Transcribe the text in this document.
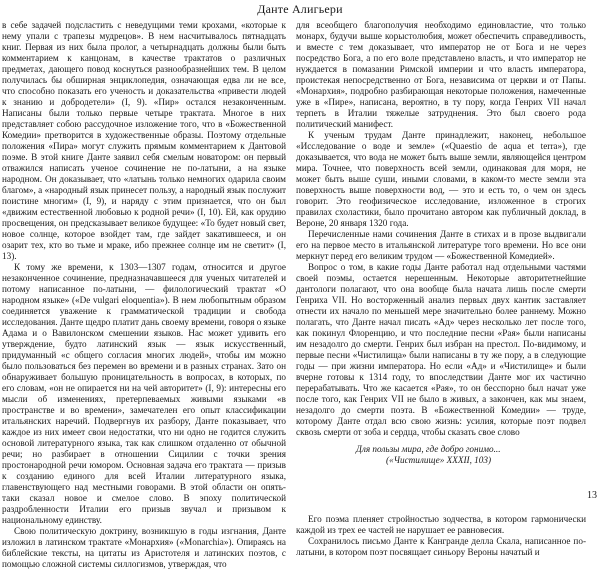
Данте Алигьери

в себе задачей подсластить с неведущими теми крохами, «которые к нему упали с трапезы мудрецов». В нем насчитывалось пятнадцать книг. Первая из них была пролог, а четырнадцать должны были быть комментарием к канцонам, в качестве трактатов о различных предметах, дающего повод коснуться разнообразнейших тем. В целом получилась бы обширная энциклопедия, означающая едва ли не все, что способно показать его ученость и доказательства «привести людей к знанию и добродетели» (I, 9). «Пир» остался незаконченным. Написаны были только первые четыре трактата. Многое в них представляет собою рассудочное изложение того, что в «Божественной Комедии» претворится в художественные образы. Поэтому отдельные положения «Пира» могут служить прямым комментарием к Дантовой поэме. В этой книге Данте заявил себя смелым новатором: он первый отважился написать ученое сочинение не по-латыни, а на языке народном. Он доказывает, что «латынь только немногих одарила своим благом», а «народный язык принесет пользу, а народный язык послужит поистине многим» (I, 9), и наряду с этим признается, что он был «движим естественной любовью к родной речи» (I, 10). Ей, как орудию просвещения, он предсказывает великое будущее: «То будет новый свет, новое солнце, которое взойдет там, где зайдет закатившееся, и он озарит тех, кто во тьме и мраке, ибо прежнее солнце им не светит» (I, 13).

К тому же времени, к 1303—1307 годам, относится и другое незаконченное сочинение, предназначавшееся для ученых читателей и потому написанное по-латыни, — филологический трактат «О народном языке» («De vulgari eloquentia»). В нем любопытным образом соединяется уважение к грамматической традиции и свобода исследования. Данте щедро платит дань своему времени, говоря о языке Адама и о Вавилонском смешении языков. Нас может удивить его утверждение, будто латинский язык — язык искусственный, придуманный «с общего согласия многих людей», чтобы им можно было пользоваться без перемен во времени и в разных странах. Зато он обнаруживает большую проницательность в вопросах, в которых, по его словам, «он не опирается ни на чей авторитет» (I, 9): интересны его мысли об изменениях, претерпеваемых живыми языками «в пространстве и во времени», замечателен его опыт классификации итальянских наречий. Подвергнув их разбору, Данте показывает, что каждое из них имеет свои недостатки, что ни одно не годится служить основой литературного языка, так как слишком отдаленно от обычной речи; но разбирает в отношении Сицилии с точки зрения простонародной речи юмором. Основная задача его трактата — призыв к созданию единого для всей Италии литературного языка, главенствующего над местными говорами. В этой области он опять-таки сказал новое и смелое слово. В эпоху политической раздробленности Италии его призыв звучал и призывом к национальному единству.

Свою политическую доктрину, возникшую в годы изгнания, Данте изложил в латинском трактате «Монархия» («Monarchia»). Опираясь на библейские тексты, на цитаты из Аристотеля и латинских поэтов, с помощью сложной системы силлогизмов, утверждая, что

для всеобщего благополучия необходимо единовластие, что только монарх, будучи выше корыстолюбия, может обеспечить справедливость, и вместе с тем доказывает, что император не от Бога и не через посредство Бога, а по его воле представлено власть, и что император не нуждается в помазании Римской империи и что власть императора, проистекая непосредственно от Бога, независима от церкви и от Папы. «Монархия», подробно разбирающая некоторые положения, намеченные уже в «Пире», написана, вероятно, в ту пору, когда Генрих VII начал терпеть в Италии тяжелые затруднения. Это был своего рода политический манифест.

К ученым трудам Данте принадлежит, наконец, небольшое «Исследование о воде и земле» («Quaestio de aqua et terra»), где доказывается, что вода не может быть выше земли, являющейся центром мира. Точнее, что поверхность всей земли, одинаковая для моря, не может быть выше суши, иными словами, в каком-то месте земли эта поверхность выше поверхности вод, — это и есть то, о чем он здесь говорит. Это геофизическое исследование, изложенное в строгих правилах схоластики, было прочитано автором как публичный доклад, в Вероне, 20 января 1320 года.

Перечисленные нами сочинения Данте в стихах и в прозе выдвигали его на первое место в итальянской литературе того времени. Но все они меркнут перед его великим трудом — «Божественной Комедией».

Вопрос о том, в какие годы Данте работал над отдельными частями своей поэмы, остается нерешенным. Некоторые авторитетнейшие дантологи полагают, что она вообще была начата лишь после смерти Генриха VII. Но восторженный анализ первых двух кантик заставляет отнести их начало по меньшей мере значительно более раннему. Можно полагать, что Данте начал писать «Ад» через несколько лет после того, как покинул Флоренцию, и что последние песни «Рая» были написаны им незадолго до смерти. Генрих был избран на престол. По-видимому, и первые песни «Чистилища» были написаны в ту же пору, а в следующие годы — при жизни императора. Но если «Ад» и «Чистилище» и были вчерне готовы к 1314 году, то впоследствии Данте мог их частично перерабатывать. Что же касается «Рая», то он бесспорно был начат уже после того, как Генрих VII не было в живых, а закончен, как мы знаем, незадолго до смерти поэта. В «Божественной Комедии» — труде, которому Данте отдал всю свою жизнь: усилия, которые поэт подвел сквозь смерти от зоба и сердца, чтобы сказать свое слово

Для пользы мира, где добро гонимо...
(«Чистилище» XXXII, 103)

Его поэма пленяет стройностью зодчества, в котором гармонически каждой из трех ее частей не нарушает ее равновесия.

Сохранилось письмо Данте к Кангранде делла Скала, написанное по-латыни, в котором поэт посвящает синьору Вероны начатый и

13
